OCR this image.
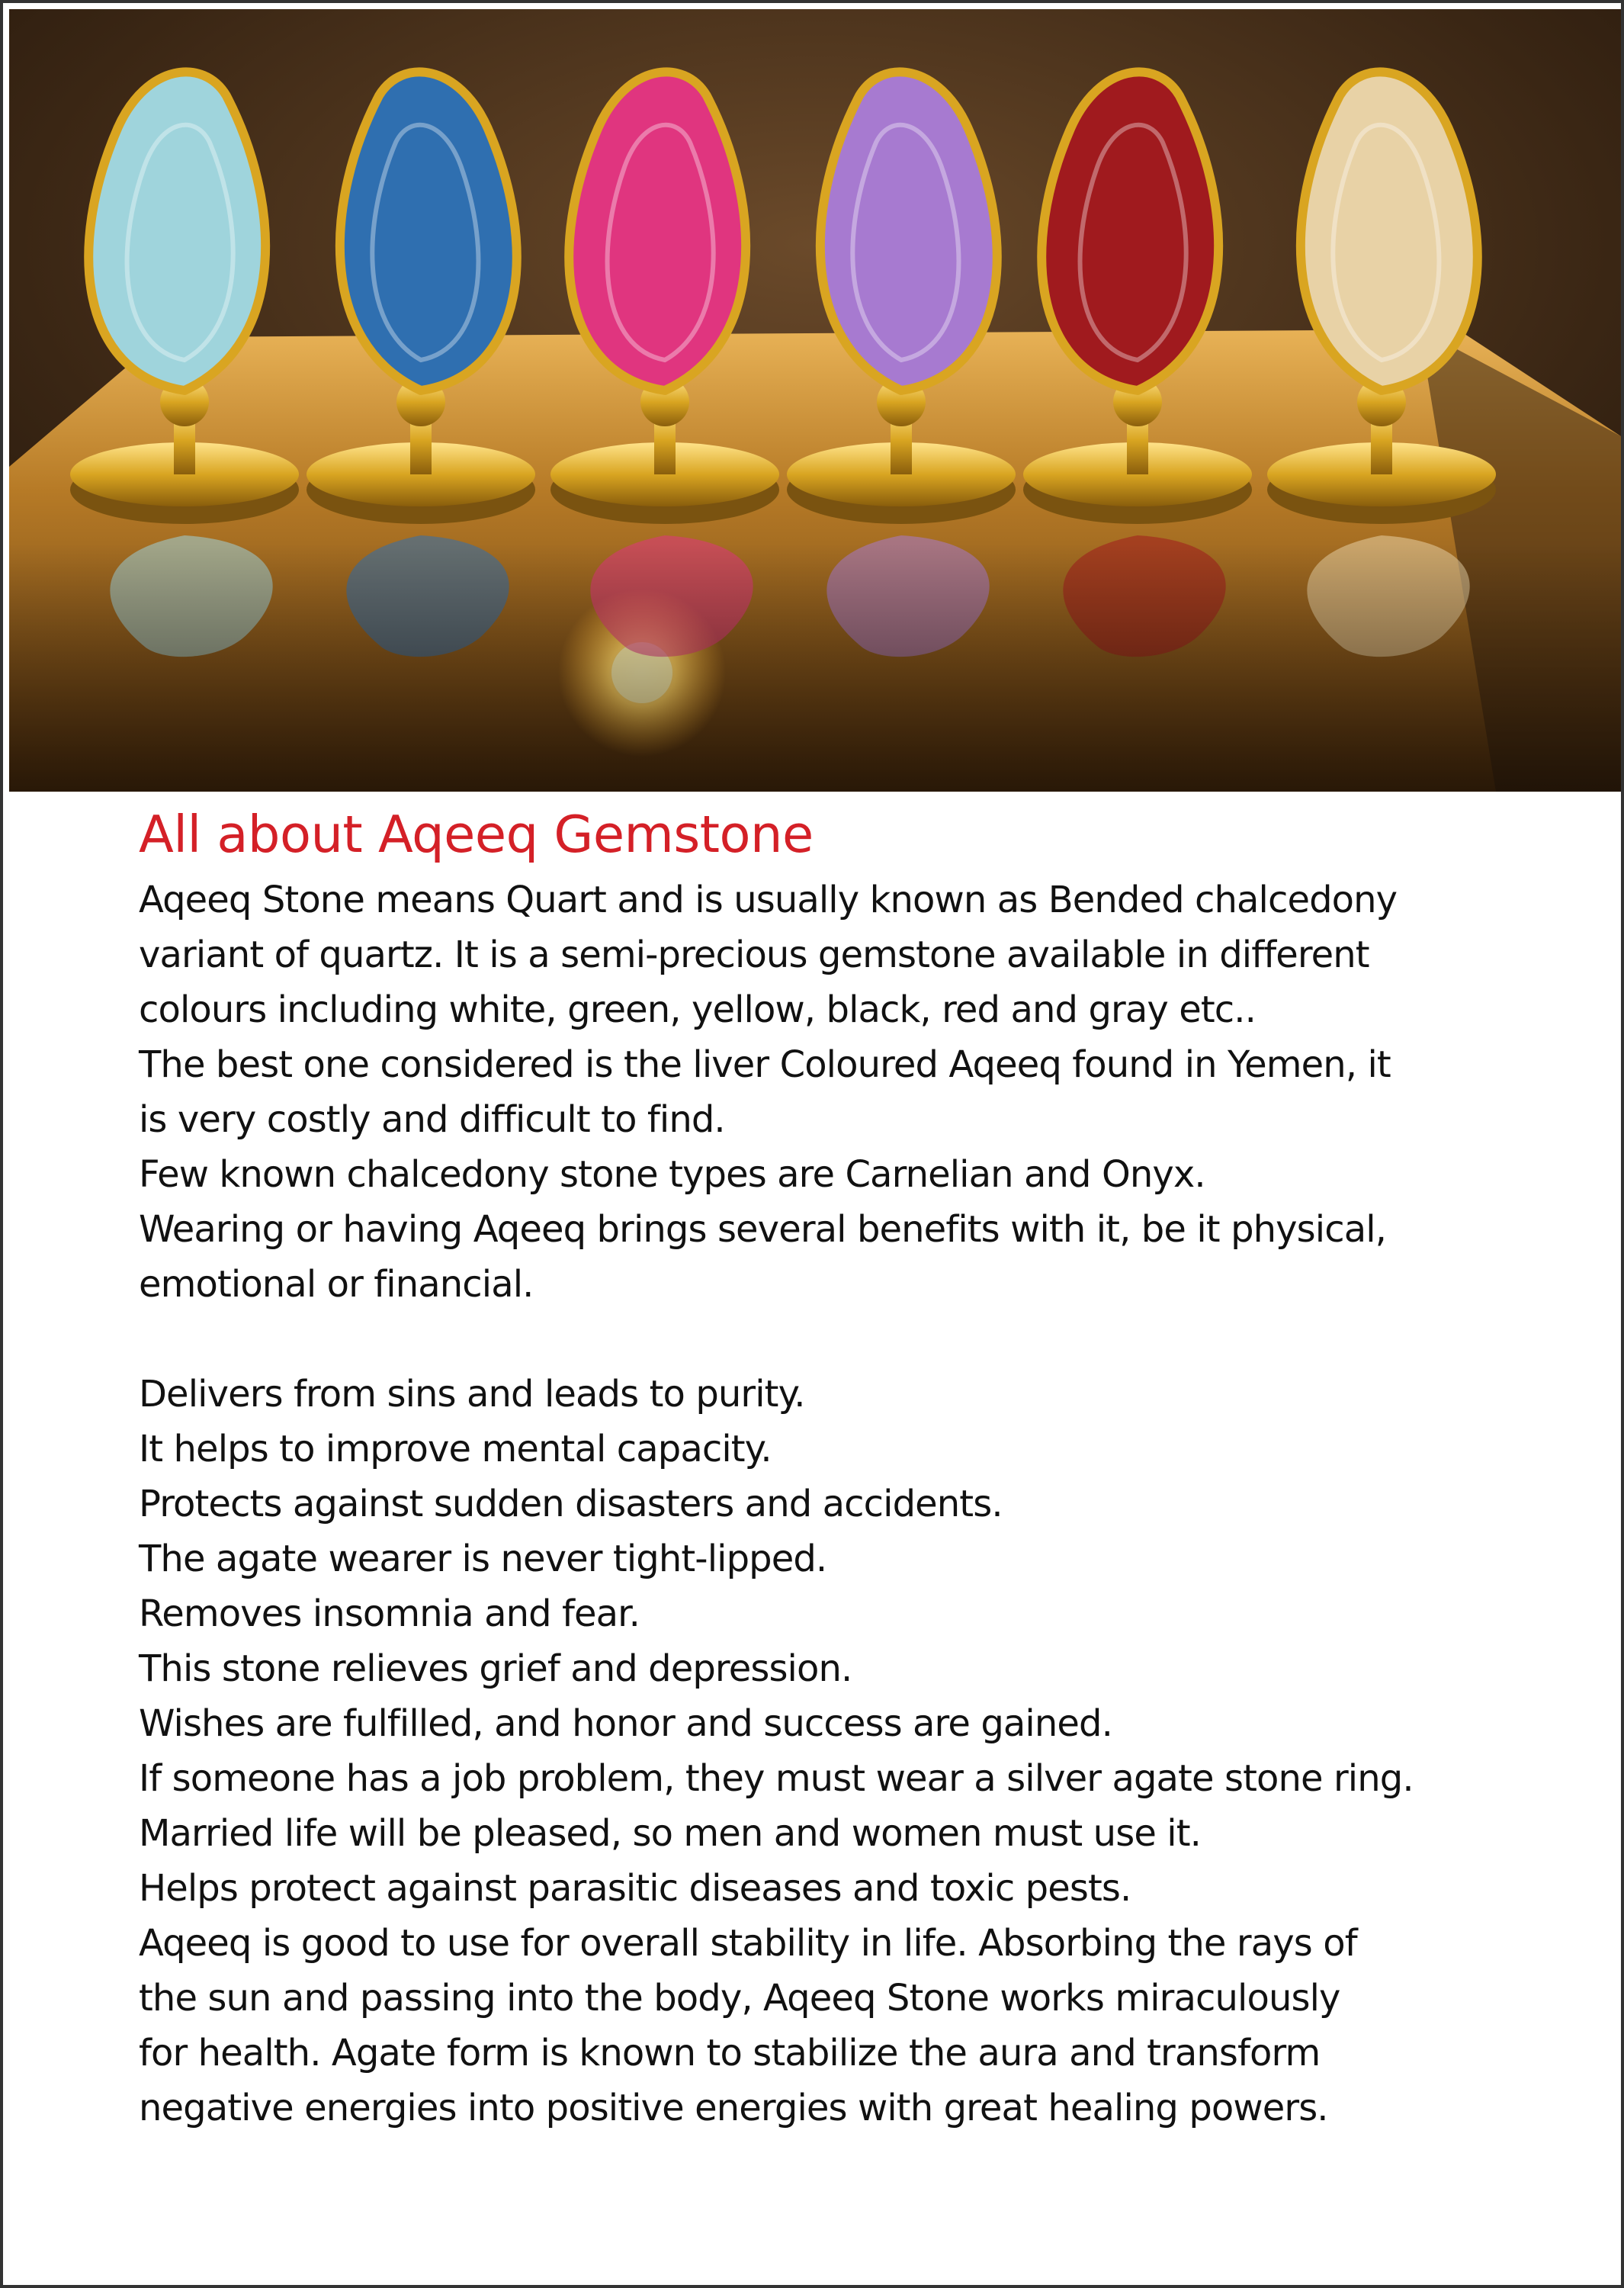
All about Aqeeq Gemstone
Aqeeq Stone means Quart and is usually known as Bended chalcedony
variant of quartz. It is a semi-precious gemstone available in different
colours including white, green, yellow, black, red and gray etc..
The best one considered is the liver Coloured Aqeeq found in Yemen, it
is very costly and difficult to find.
Few known chalcedony stone types are Carnelian and Onyx.
Wearing or having Aqeeq brings several benefits with it, be it physical,
emotional or financial.
Delivers from sins and leads to purity.
It helps to improve mental capacity.
Protects against sudden disasters and accidents.
The agate wearer is never tight-lipped.
Removes insomnia and fear.
This stone relieves grief and depression.
Wishes are fulfilled, and honor and success are gained.
If someone has a job problem, they must wear a silver agate stone ring.
Married life will be pleased, so men and women must use it.
Helps protect against parasitic diseases and toxic pests.
Aqeeq is good to use for overall stability in life. Absorbing the rays of
the sun and passing into the body, Aqeeq Stone works miraculously
for health. Agate form is known to stabilize the aura and transform
negative energies into positive energies with great healing powers.
